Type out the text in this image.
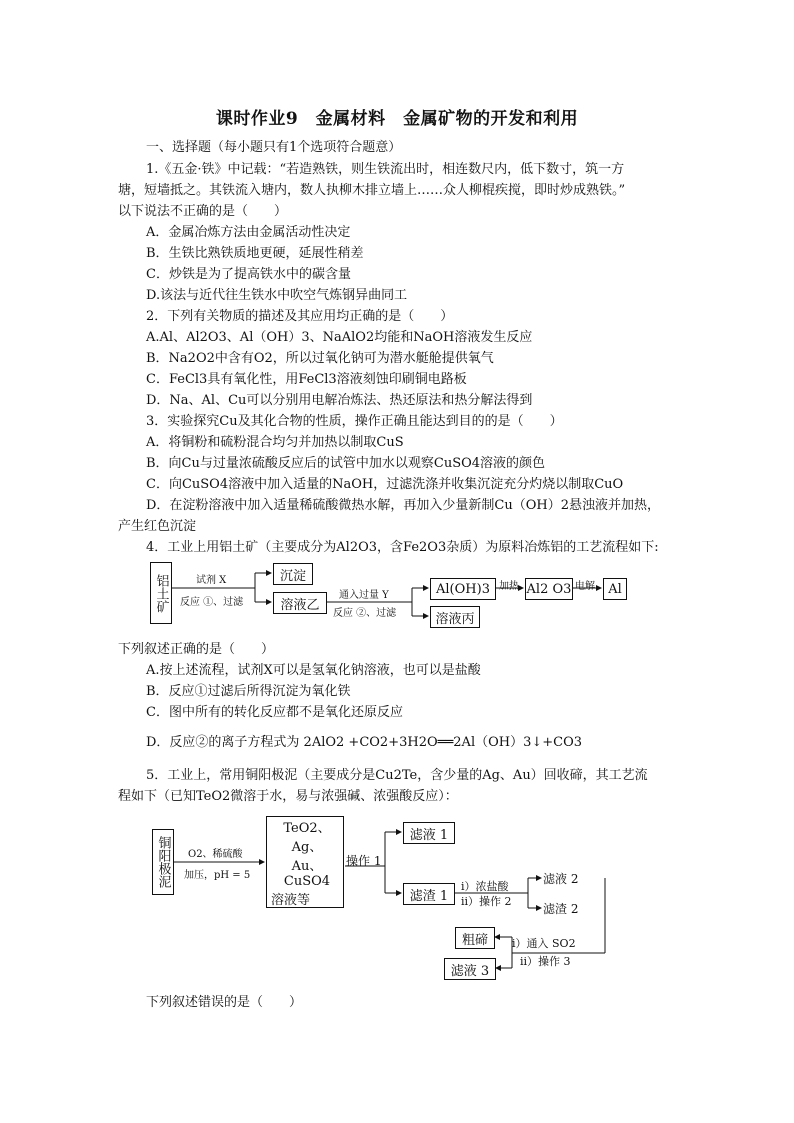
课时作业9　金属材料　金属矿物的开发和利用
一、选择题（每小题只有1个选项符合题意）
1.《五金·铁》中记载：“若造熟铁，则生铁流出时，相连数尺内，低下数寸，筑一方
塘，短墙抵之。其铁流入塘内，数人执柳木排立墙上……众人柳棍疾搅，即时炒成熟铁。”
以下说法不正确的是（　　）
A．金属冶炼方法由金属活动性决定
B．生铁比熟铁质地更硬，延展性稍差
C．炒铁是为了提高铁水中的碳含量
D.该法与近代往生铁水中吹空气炼钢异曲同工
2．下列有关物质的描述及其应用均正确的是（　　）
A.Al、Al2O3、Al（OH）3、NaAlO2均能和NaOH溶液发生反应
B．Na2O2中含有O2，所以过氧化钠可为潜水艇舱提供氧气
C．FeCl3具有氧化性，用FeCl3溶液刻蚀印刷铜电路板
D．Na、Al、Cu可以分别用电解冶炼法、热还原法和热分解法得到
3．实验探究Cu及其化合物的性质，操作正确且能达到目的的是（　　）
A．将铜粉和硫粉混合均匀并加热以制取CuS
B．向Cu与过量浓硫酸反应后的试管中加水以观察CuSO4溶液的颜色
C．向CuSO4溶液中加入适量的NaOH，过滤洗涤并收集沉淀充分灼烧以制取CuO
D．在淀粉溶液中加入适量稀硫酸微热水解，再加入少量新制Cu（OH）2悬浊液并加热，
产生红色沉淀
4．工业上用铝土矿（主要成分为Al2O3，含Fe2O3杂质）为原料冶炼铝的工艺流程如下:
铝土矿	试剂 X
反应 ①、过滤
沉淀
溶液乙
通入过量 Y
反应 ②、过滤
Al(OH)3 加热 Al2 O3 电解	Al
溶液丙
下列叙述正确的是（　　）
A.按上述流程，试剂X可以是氢氧化钠溶液，也可以是盐酸
B．反应①过滤后所得沉淀为氧化铁
C．图中所有的转化反应都不是氧化还原反应
D．反应②的离子方程式为 2AlO2 +CO2+3H2O══2Al（OH）3↓+CO3
5．工业上，常用铜阳极泥（主要成分是Cu2Te，含少量的Ag、Au）回收碲，其工艺流
程如下（已知TeO2微溶于水，易与浓强碱、浓强酸反应）：
铜阳极泥	O2、稀硫酸
加压，pH = 5
TeO2、Ag、
Au、CuSO4
溶液等
操作 1
滤液 1
滤渣 1
ⅰ）浓盐酸
ⅱ）操作 2
滤液 2
滤渣 2
粗碲	ⅰ）通入 SO2
ⅱ）操作 3
滤液 3
下列叙述错误的是（　　）
